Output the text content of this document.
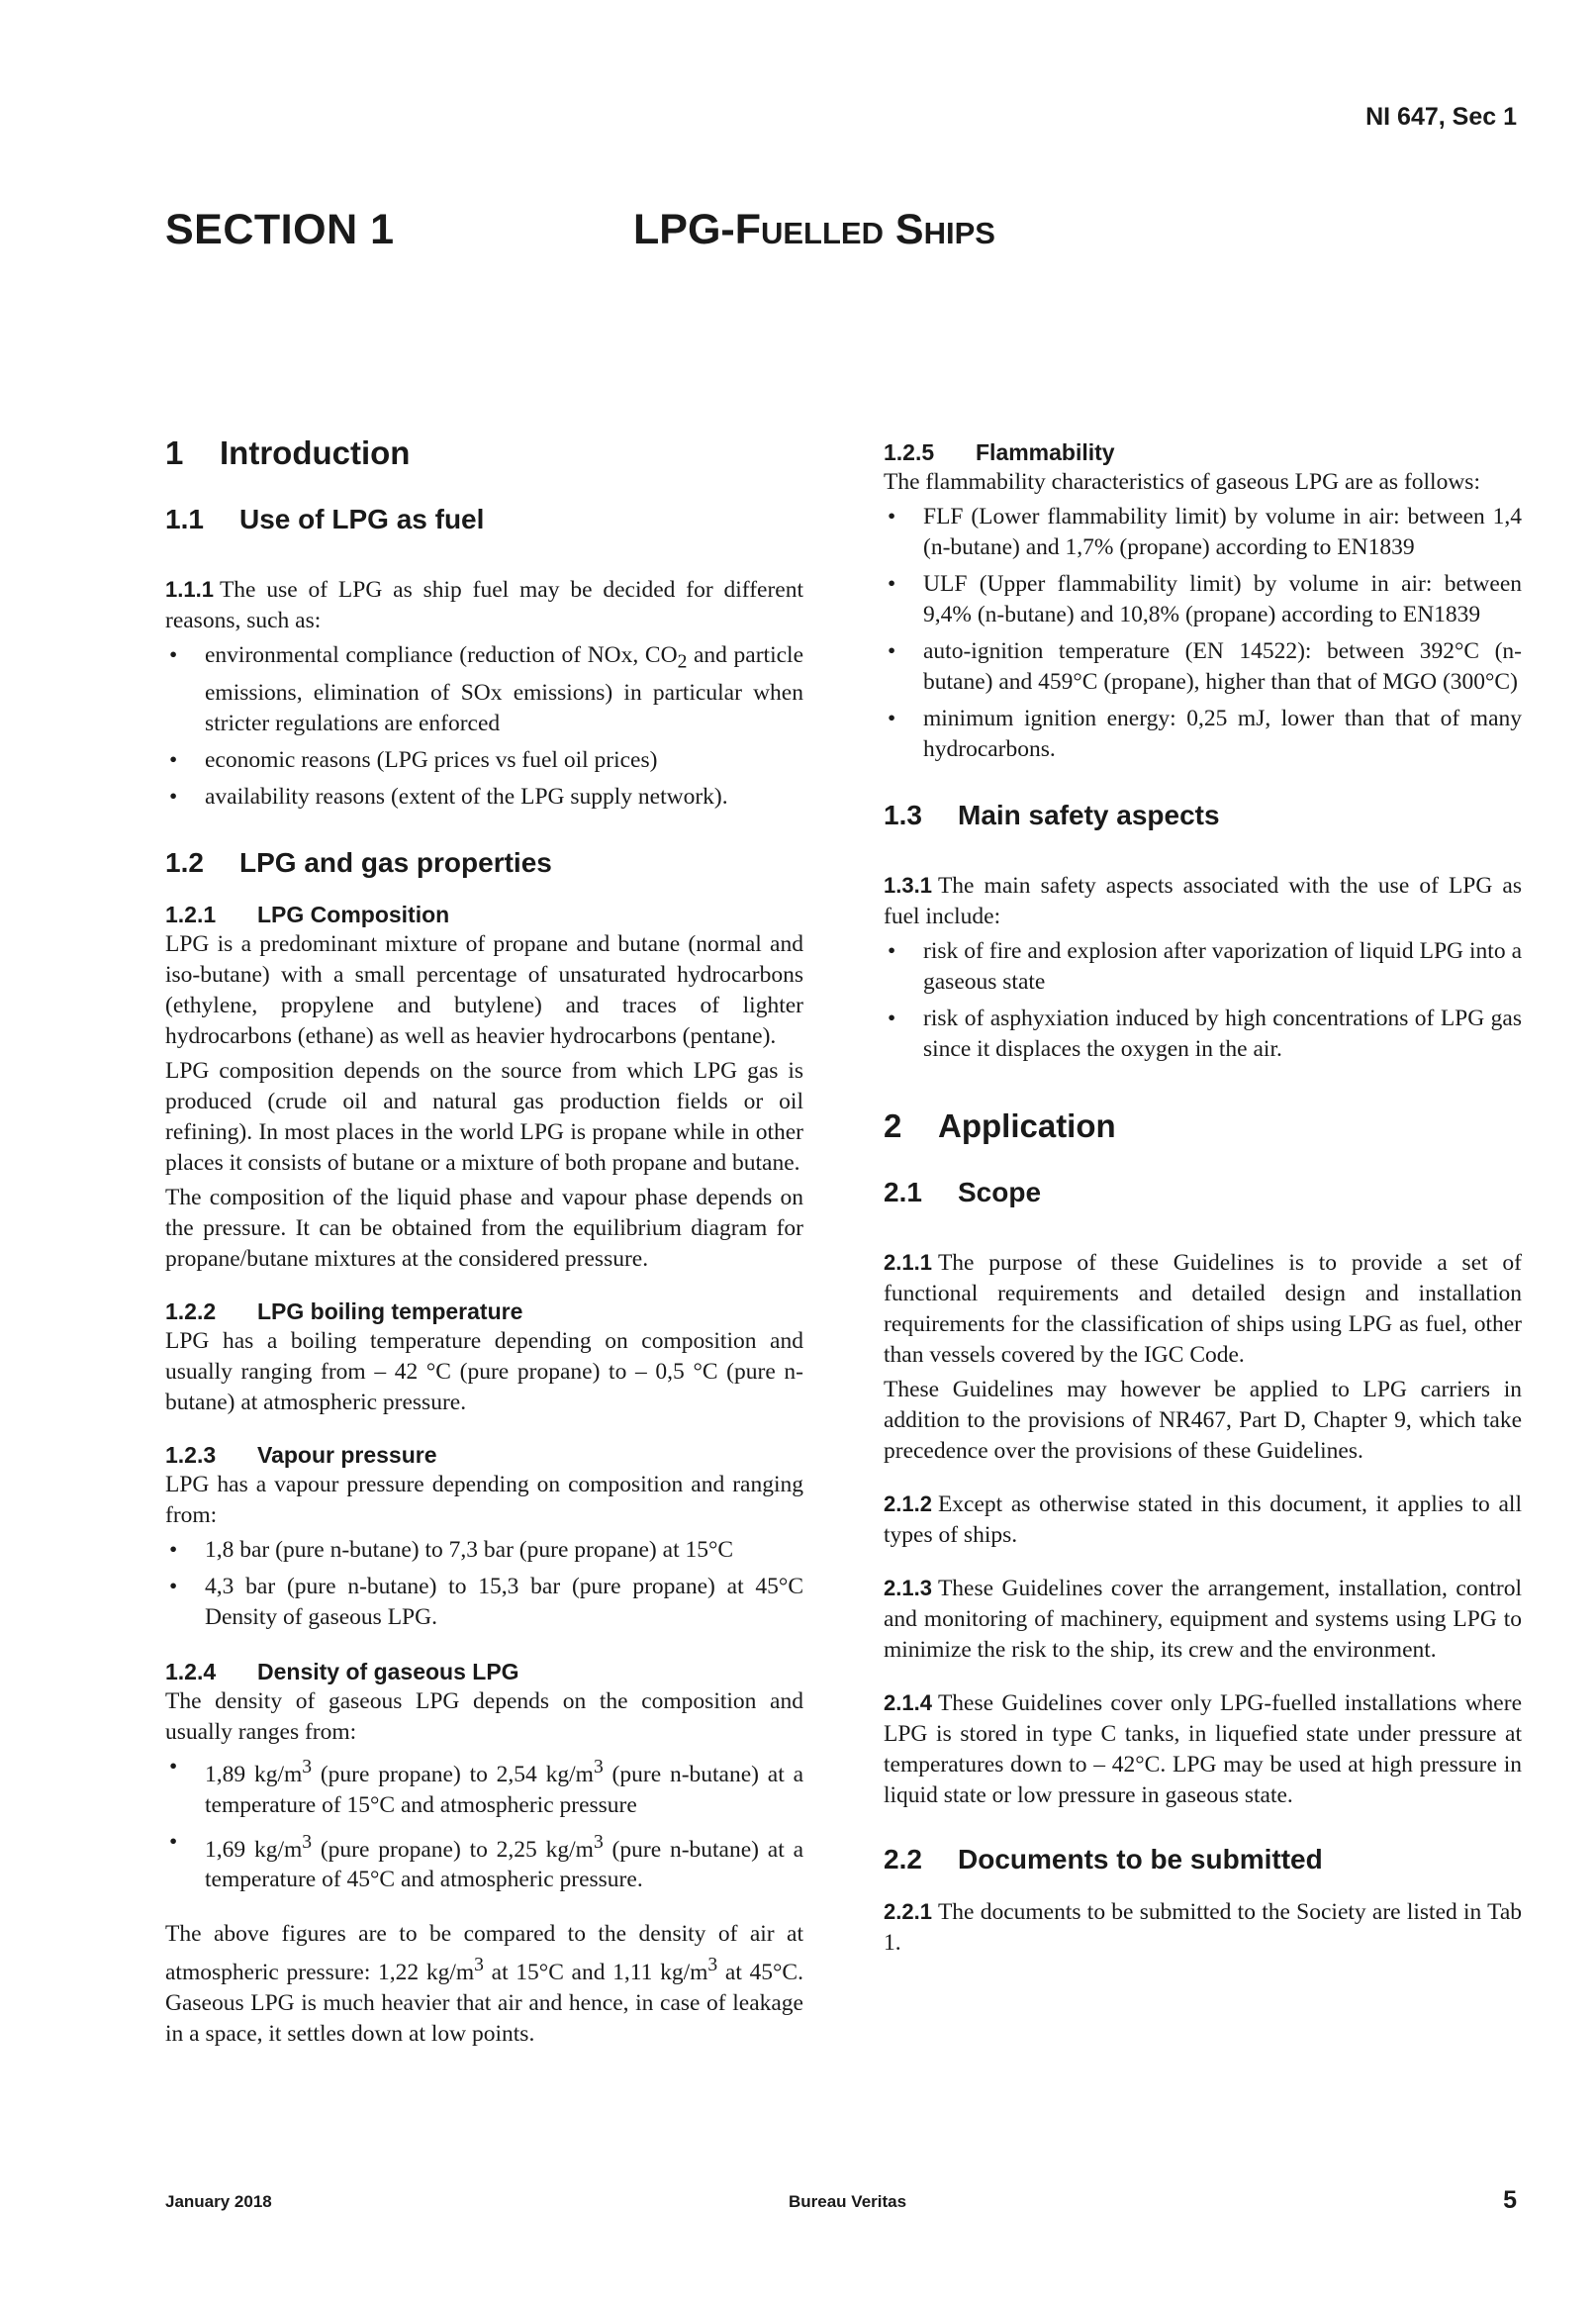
NI 647, Sec 1
SECTION 1	LPG-FUELLED SHIPS
1 Introduction
1.1 Use of LPG as fuel

1.1.1 The use of LPG as ship fuel may be decided for different reasons, such as:

• environmental compliance (reduction of NOx, $CO_2$ and particle emissions, elimination of SOx emissions) in particular when stricter regulations are enforced
• economic reasons (LPG prices vs fuel oil prices)
• availability reasons (extent of the LPG supply network).
1.2 LPG and gas properties
1.2.1 LPG Composition

LPG is a predominant mixture of propane and butane (normal and iso-butane) with a small percentage of unsaturated hydrocarbons (ethylene, propylene and butylene) and traces of lighter hydrocarbons (ethane) as well as heavier hydrocarbons (pentane).

LPG composition depends on the source from which LPG gas is produced (crude oil and natural gas production fields or oil refining). In most places in the world LPG is propane while in other places it consists of butane or a mixture of both propane and butane.

The composition of the liquid phase and vapour phase depends on the pressure. It can be obtained from the equilibrium diagram for propane/butane mixtures at the considered pressure.

1.2.2 LPG boiling temperature

LPG has a boiling temperature depending on composition and usually ranging from – 42 °C (pure propane) to – 0,5 °C (pure n-butane) at atmospheric pressure.

1.2.3 Vapour pressure

LPG has a vapour pressure depending on composition and ranging from:

• 1,8 bar (pure n-butane) to 7,3 bar (pure propane) at 15°C
• 4,3 bar (pure n-butane) to 15,3 bar (pure propane) at 45°C Density of gaseous LPG.
1.2.4 Density of gaseous LPG

The density of gaseous LPG depends on the composition and usually ranges from:

• 1,89 $kg/m^3$ (pure propane) to 2,54 $kg/m^3$ (pure n-butane) at a temperature of 15°C and atmospheric pressure
• 1,69 $kg/m^3$ (pure propane) to 2,25 $kg/m^3$ (pure n-butane) at a temperature of 45°C and atmospheric pressure.

The above figures are to be compared to the density of air at atmospheric pressure: 1,22 $kg/m^3$ at 15°C and 1,11 $kg/m^3$ at 45°C. Gaseous LPG is much heavier that air and hence, in case of leakage in a space, it settles down at low points.

1.2.5 Flammability

The flammability characteristics of gaseous LPG are as follows:

• FLF (Lower flammability limit) by volume in air: between 1,4 (n-butane) and 1,7% (propane) according to EN1839
• ULF (Upper flammability limit) by volume in air: between 9,4% (n-butane) and 10,8% (propane) according to EN1839
• auto-ignition temperature (EN 14522): between 392°C (n-butane) and 459°C (propane), higher than that of MGO (300°C)
• minimum ignition energy: 0,25 mJ, lower than that of many hydrocarbons.
1.3 Main safety aspects

1.3.1 The main safety aspects associated with the use of LPG as fuel include:

• risk of fire and explosion after vaporization of liquid LPG into a gaseous state
• risk of asphyxiation induced by high concentrations of LPG gas since it displaces the oxygen in the air.
2 Application
2.1 Scope

2.1.1 The purpose of these Guidelines is to provide a set of functional requirements and detailed design and installation requirements for the classification of ships using LPG as fuel, other than vessels covered by the IGC Code.

These Guidelines may however be applied to LPG carriers in addition to the provisions of NR467, Part D, Chapter 9, which take precedence over the provisions of these Guidelines.

2.1.2 Except as otherwise stated in this document, it applies to all types of ships.

2.1.3 These Guidelines cover the arrangement, installation, control and monitoring of machinery, equipment and systems using LPG to minimize the risk to the ship, its crew and the environment.

2.1.4 These Guidelines cover only LPG-fuelled installations where LPG is stored in type C tanks, in liquefied state under pressure at temperatures down to – 42°C. LPG may be used at high pressure in liquid state or low pressure in gaseous state.

2.2 Documents to be submitted

2.2.1 The documents to be submitted to the Society are listed in Tab 1.

January 2018	Bureau Veritas	5
